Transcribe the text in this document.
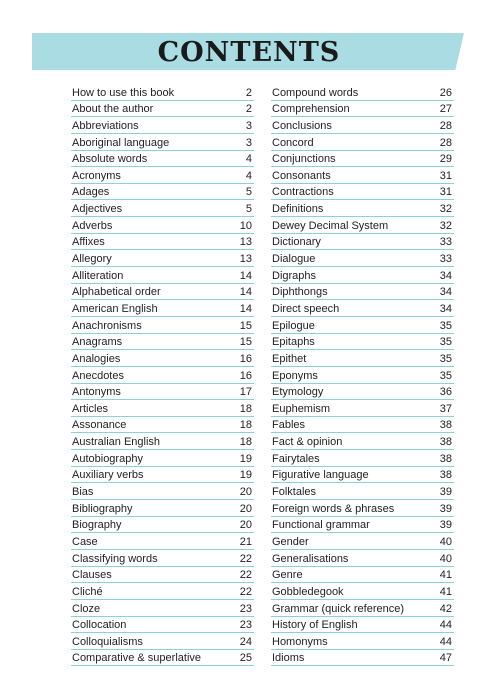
CONTENTS
How to use this book	2
About the author	2
Abbreviations	3
Aboriginal language	3
Absolute words	4
Acronyms	4
Adages	5
Adjectives	5
Adverbs	10
Affixes	13
Allegory	13
Alliteration	14
Alphabetical order	14
American English	14
Anachronisms	15
Anagrams	15
Analogies	16
Anecdotes	16
Antonyms	17
Articles	18
Assonance	18
Australian English	18
Autobiography	19
Auxiliary verbs	19
Bias	20
Bibliography	20
Biography	20
Case	21
Classifying words	22
Clauses	22
Cliché	22
Cloze	23
Collocation	23
Colloquialisms	24
Comparative & superlative	25
Compound words	26
Comprehension	27
Conclusions	28
Concord	28
Conjunctions	29
Consonants	31
Contractions	31
Definitions	32
Dewey Decimal System	32
Dictionary	33
Dialogue	33
Digraphs	34
Diphthongs	34
Direct speech	34
Epilogue	35
Epitaphs	35
Epithet	35
Eponyms	35
Etymology	36
Euphemism	37
Fables	38
Fact & opinion	38
Fairytales	38
Figurative language	38
Folktales	39
Foreign words & phrases	39
Functional grammar	39
Gender	40
Generalisations	40
Genre	41
Gobbledegook	41
Grammar (quick reference)	42
History of English	44
Homonyms	44
Idioms	47
